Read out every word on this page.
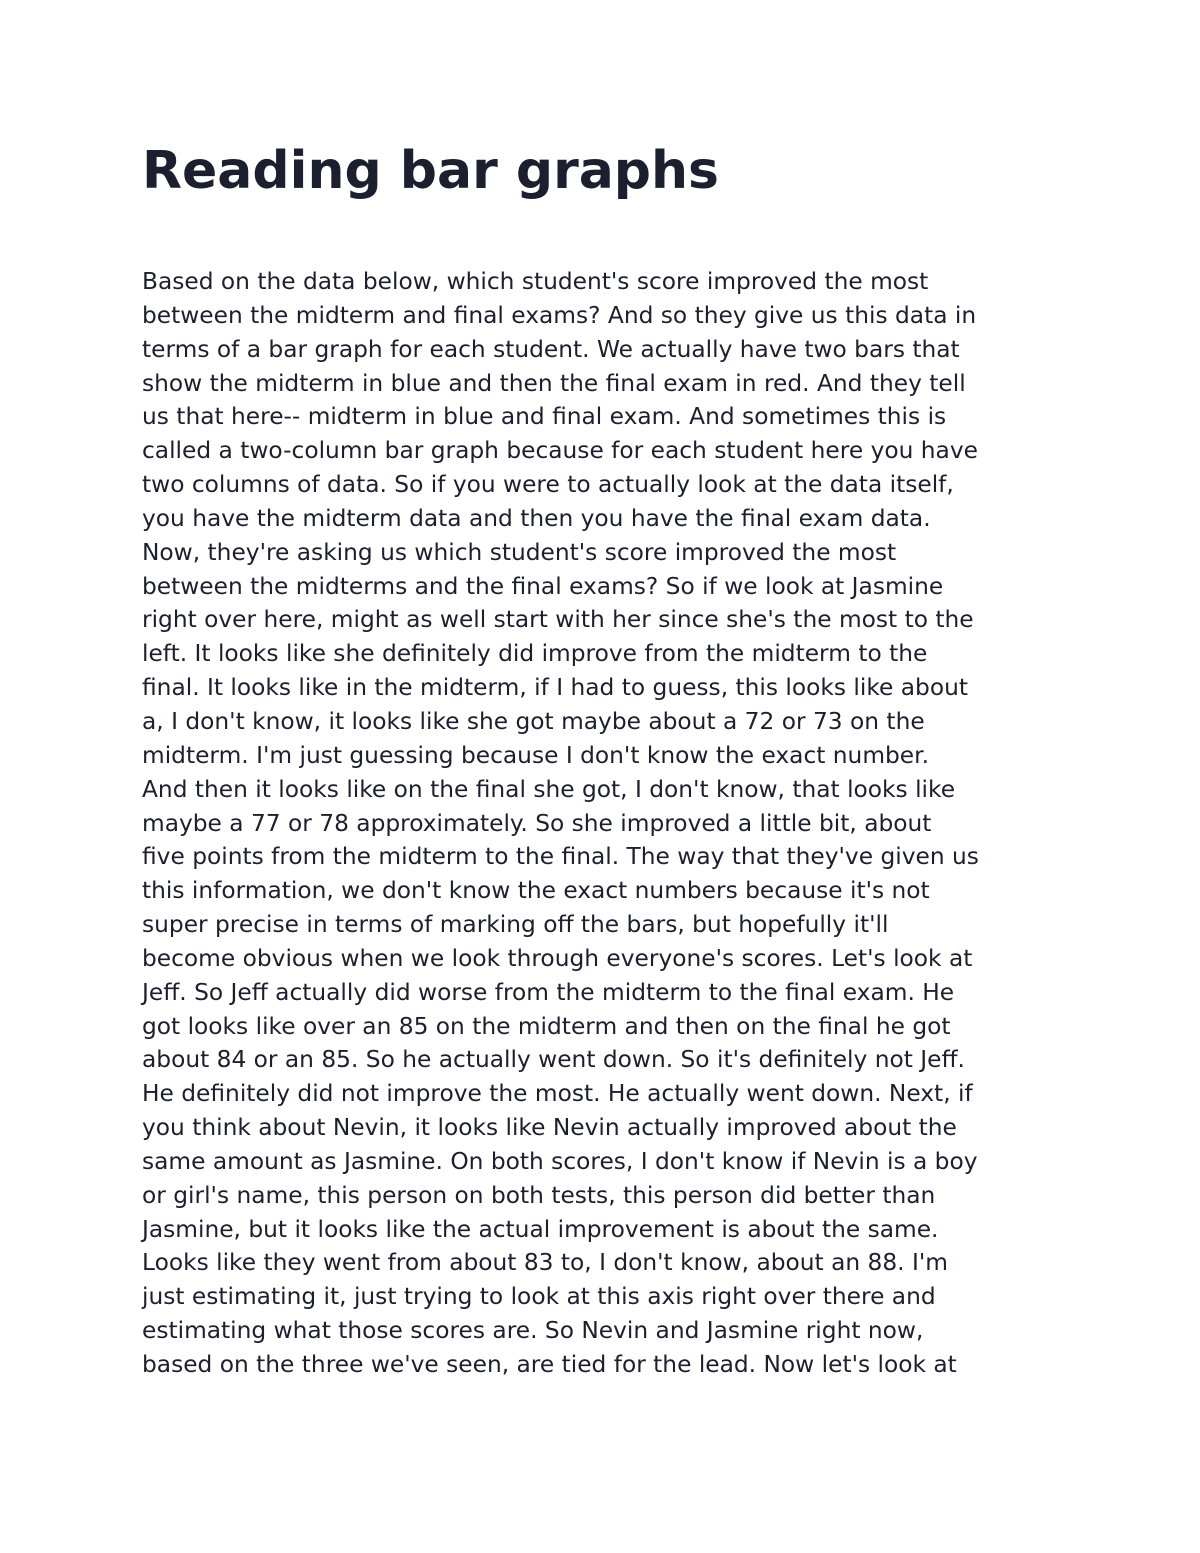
Reading bar graphs
Based on the data below, which student's score improved the most
between the midterm and final exams? And so they give us this data in
terms of a bar graph for each student. We actually have two bars that
show the midterm in blue and then the final exam in red. And they tell
us that here-- midterm in blue and final exam. And sometimes this is
called a two-column bar graph because for each student here you have
two columns of data. So if you were to actually look at the data itself,
you have the midterm data and then you have the final exam data.
Now, they're asking us which student's score improved the most
between the midterms and the final exams? So if we look at Jasmine
right over here, might as well start with her since she's the most to the
left. It looks like she definitely did improve from the midterm to the
final. It looks like in the midterm, if I had to guess, this looks like about
a, I don't know, it looks like she got maybe about a 72 or 73 on the
midterm. I'm just guessing because I don't know the exact number.
And then it looks like on the final she got, I don't know, that looks like
maybe a 77 or 78 approximately. So she improved a little bit, about
five points from the midterm to the final. The way that they've given us
this information, we don't know the exact numbers because it's not
super precise in terms of marking off the bars, but hopefully it'll
become obvious when we look through everyone's scores. Let's look at
Jeff. So Jeff actually did worse from the midterm to the final exam. He
got looks like over an 85 on the midterm and then on the final he got
about 84 or an 85. So he actually went down. So it's definitely not Jeff.
He definitely did not improve the most. He actually went down. Next, if
you think about Nevin, it looks like Nevin actually improved about the
same amount as Jasmine. On both scores, I don't know if Nevin is a boy
or girl's name, this person on both tests, this person did better than
Jasmine, but it looks like the actual improvement is about the same.
Looks like they went from about 83 to, I don't know, about an 88. I'm
just estimating it, just trying to look at this axis right over there and
estimating what those scores are. So Nevin and Jasmine right now,
based on the three we've seen, are tied for the lead. Now let's look at
